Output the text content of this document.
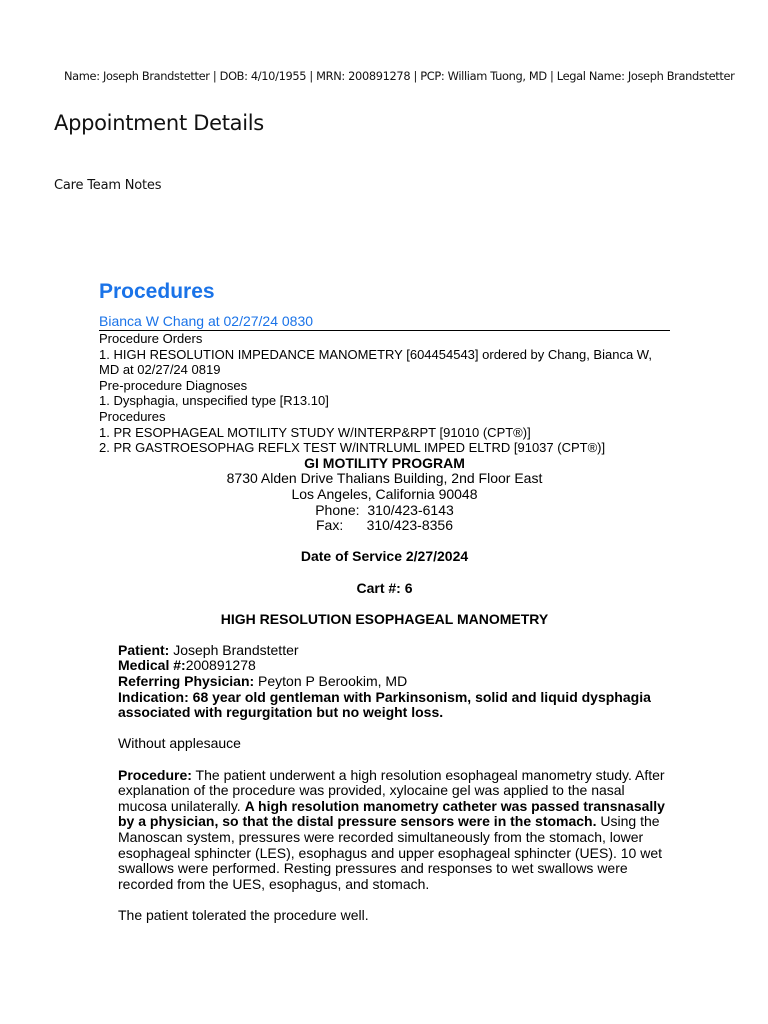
Name: Joseph Brandstetter | DOB: 4/10/1955 | MRN: 200891278 | PCP: William Tuong, MD | Legal Name: Joseph Brandstetter
Appointment Details
Care Team Notes
Procedures
Bianca W Chang at 02/27/24 0830

Procedure Orders

1. HIGH RESOLUTION IMPEDANCE MANOMETRY [604454543] ordered by Chang, Bianca W, MD at 02/27/24 0819

Pre-procedure Diagnoses

1. Dysphagia, unspecified type [R13.10]

Procedures

1. PR ESOPHAGEAL MOTILITY STUDY W/INTERP&RPT [91010 (CPT®)]

2. PR GASTROESOPHAG REFLX TEST W/INTRLUML IMPED ELTRD [91037 (CPT®)]

GI MOTILITY PROGRAM
8730 Alden Drive Thalians Building, 2nd Floor East
Los Angeles, California 90048
Phone: 310/423-6143
Fax: 310/423-8356
Date of Service 2/27/2024
Cart #: 6
HIGH RESOLUTION ESOPHAGEAL MANOMETRY

Patient: Joseph Brandstetter

Medical #:200891278

Referring Physician: Peyton P Berookim, MD

Indication: 68 year old gentleman with Parkinsonism, solid and liquid dysphagia associated with regurgitation but no weight loss.

Without applesauce

Procedure: The patient underwent a high resolution esophageal manometry study. After explanation of the procedure was provided, xylocaine gel was applied to the nasal mucosa unilaterally. A high resolution manometry catheter was passed transnasally by a physician, so that the distal pressure sensors were in the stomach. Using the Manoscan system, pressures were recorded simultaneously from the stomach, lower esophageal sphincter (LES), esophagus and upper esophageal sphincter (UES). 10 wet swallows were performed. Resting pressures and responses to wet swallows were recorded from the UES, esophagus, and stomach.

The patient tolerated the procedure well.
